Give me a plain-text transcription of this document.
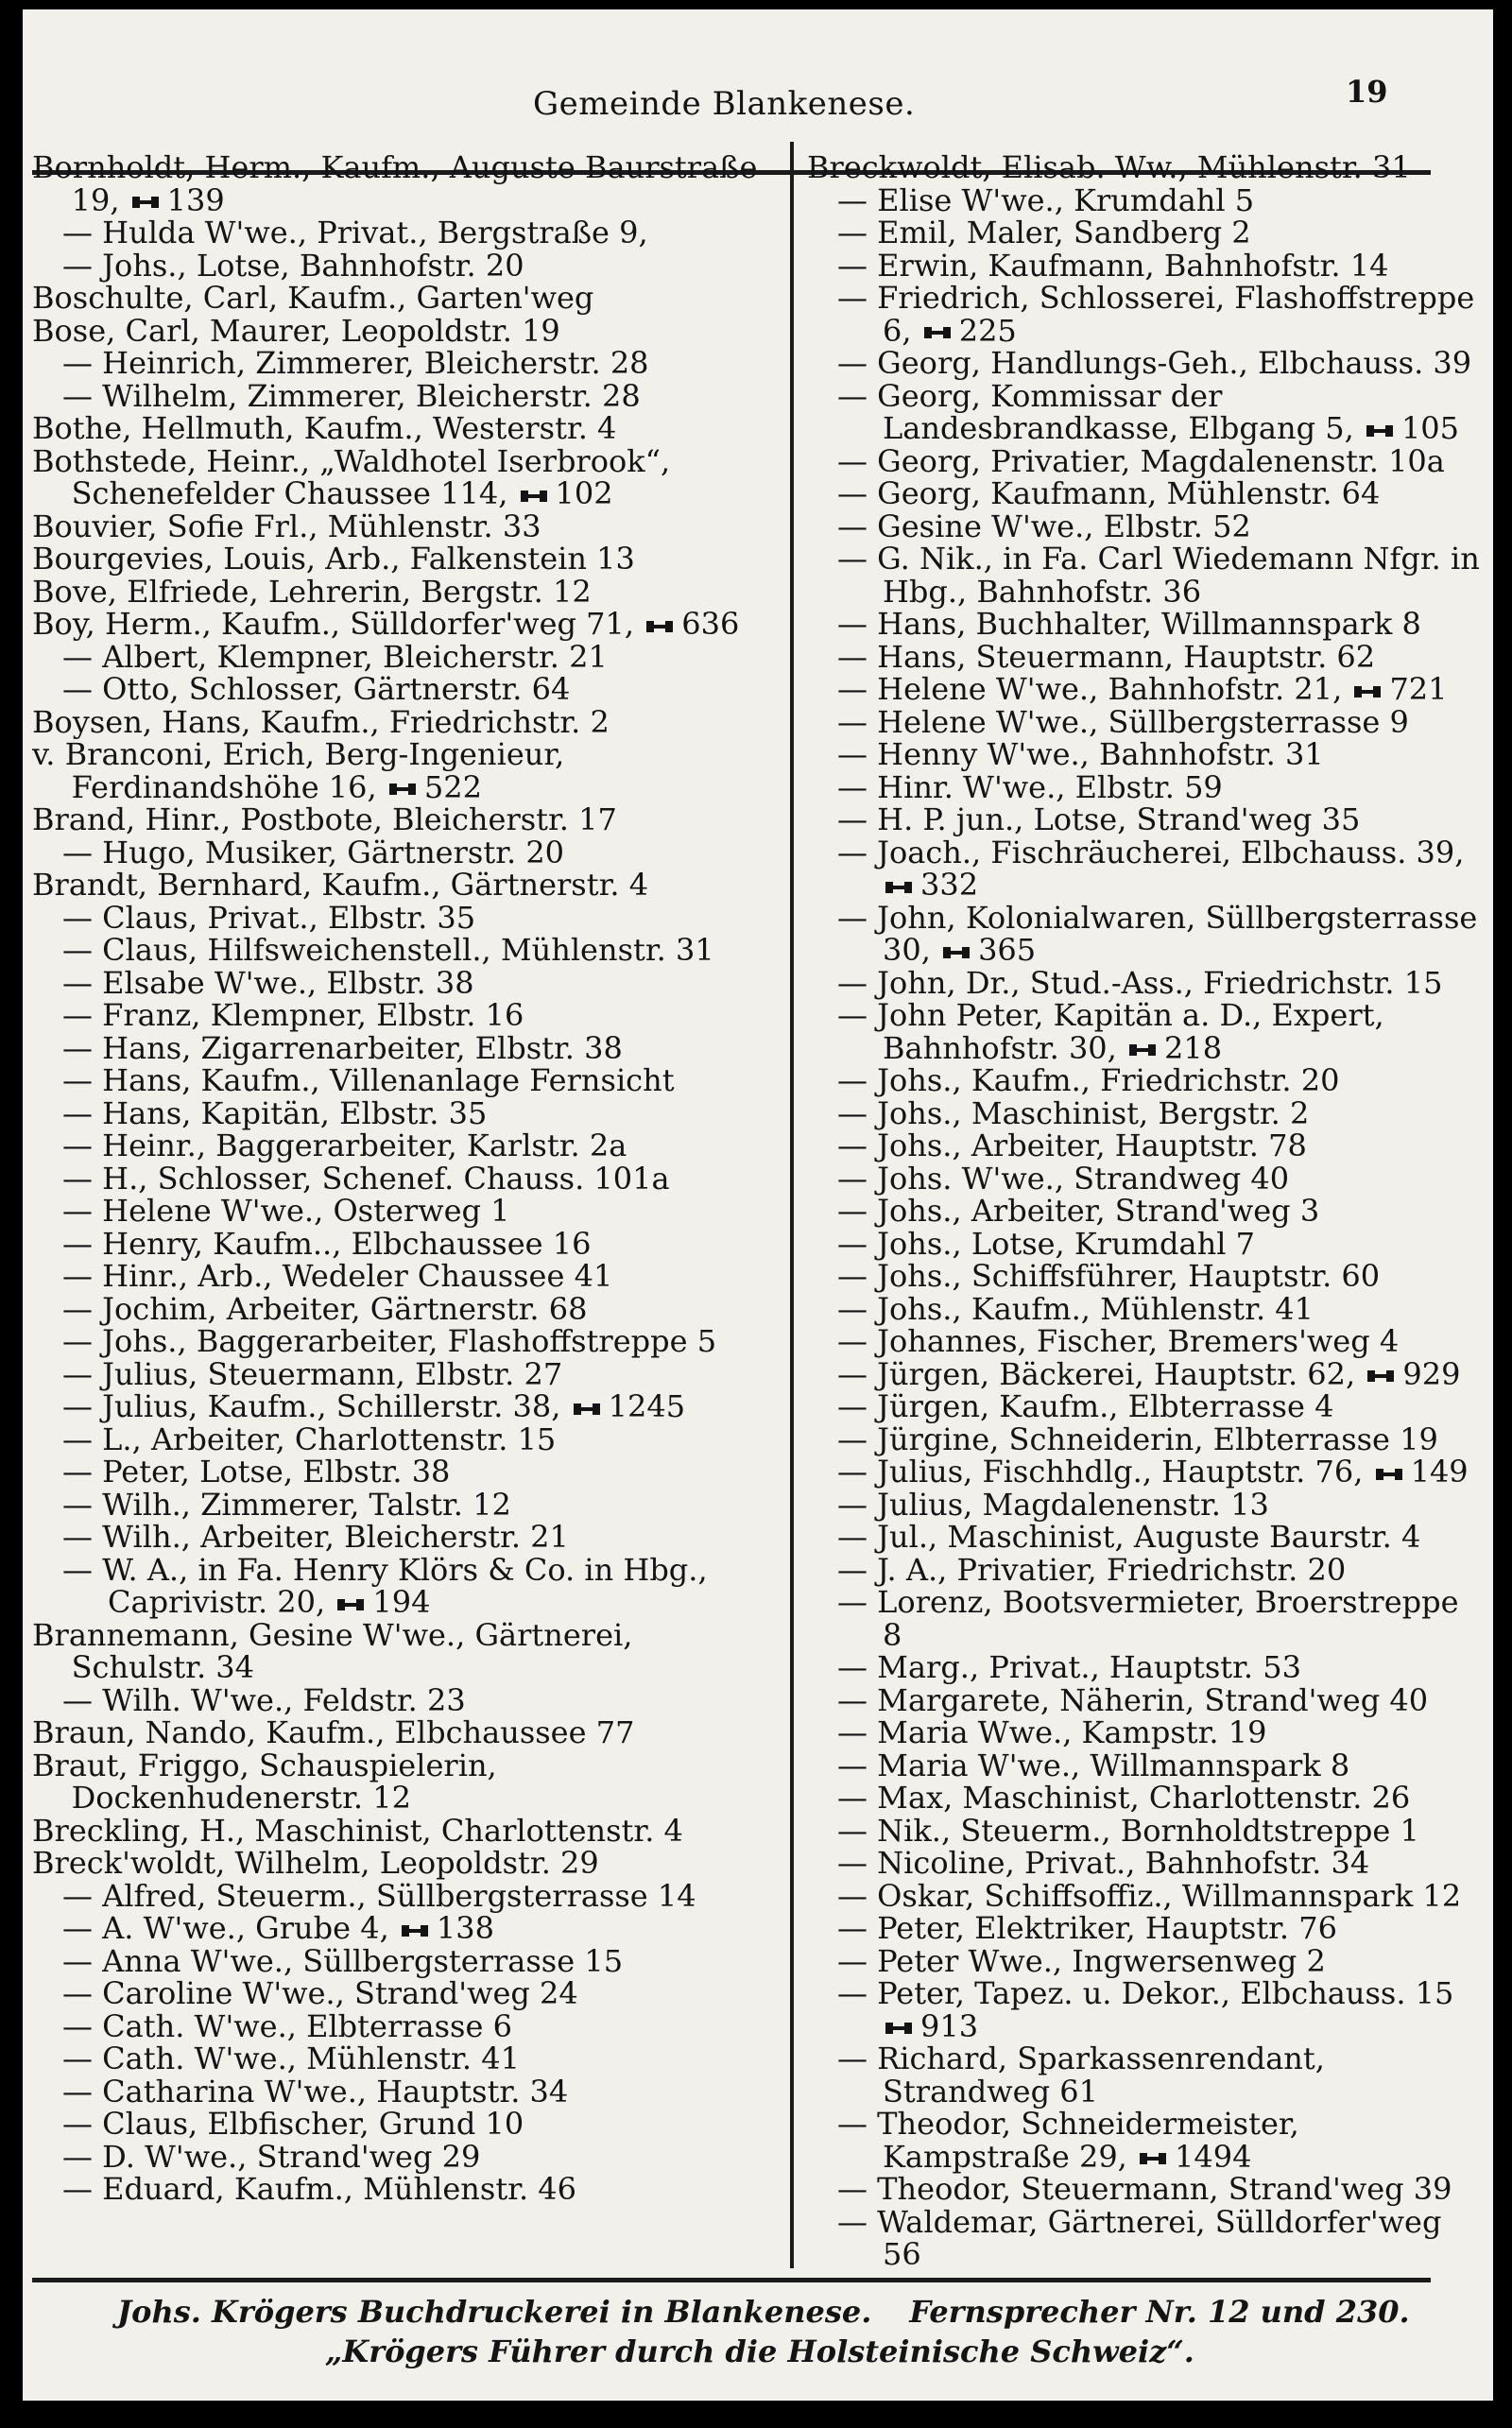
Gemeinde Blankenese.	19
Bornholdt, Herm., Kaufm., Auguste Baurstraße 19, 139
— Hulda W'we., Privat., Bergstraße 9,
— Johs., Lotse, Bahnhofstr. 20
Boschulte, Carl, Kaufm., Garten'weg
Bose, Carl, Maurer, Leopoldstr. 19
— Heinrich, Zimmerer, Bleicherstr. 28
— Wilhelm, Zimmerer, Bleicherstr. 28
Bothe, Hellmuth, Kaufm., Westerstr. 4
Bothstede, Heinr., „Waldhotel Iserbrook“, Schenefelder Chaussee 114, 102
Bouvier, Sofie Frl., Mühlenstr. 33
Bourgevies, Louis, Arb., Falkenstein 13
Bove, Elfriede, Lehrerin, Bergstr. 12
Boy, Herm., Kaufm., Sülldorfer'weg 71, 636
— Albert, Klempner, Bleicherstr. 21
— Otto, Schlosser, Gärtnerstr. 64
Boysen, Hans, Kaufm., Friedrichstr. 2
v. Branconi, Erich, Berg-Ingenieur, Ferdinandshöhe 16, 522
Brand, Hinr., Postbote, Bleicherstr. 17
— Hugo, Musiker, Gärtnerstr. 20
Brandt, Bernhard, Kaufm., Gärtnerstr. 4
— Claus, Privat., Elbstr. 35
— Claus, Hilfsweichenstell., Mühlenstr. 31
— Elsabe W'we., Elbstr. 38
— Franz, Klempner, Elbstr. 16
— Hans, Zigarrenarbeiter, Elbstr. 38
— Hans, Kaufm., Villenanlage Fernsicht
— Hans, Kapitän, Elbstr. 35
— Heinr., Baggerarbeiter, Karlstr. 2a
— H., Schlosser, Schenef. Chauss. 101a
— Helene W'we., Osterweg 1
— Henry, Kaufm.., Elbchaussee 16
— Hinr., Arb., Wedeler Chaussee 41
— Jochim, Arbeiter, Gärtnerstr. 68
— Johs., Baggerarbeiter, Flashoffstreppe 5
— Julius, Steuermann, Elbstr. 27
— Julius, Kaufm., Schillerstr. 38, 1245
— L., Arbeiter, Charlottenstr. 15
— Peter, Lotse, Elbstr. 38
— Wilh., Zimmerer, Talstr. 12
— Wilh., Arbeiter, Bleicherstr. 21
— W. A., in Fa. Henry Klörs & Co. in Hbg., Caprivistr. 20, 194
Brannemann, Gesine W'we., Gärtnerei, Schulstr. 34
— Wilh. W'we., Feldstr. 23
Braun, Nando, Kaufm., Elbchaussee 77
Braut, Friggo, Schauspielerin, Dockenhudenerstr. 12
Breckling, H., Maschinist, Charlottenstr. 4
Breck'woldt, Wilhelm, Leopoldstr. 29
— Alfred, Steuerm., Süllbergsterrasse 14
— A. W'we., Grube 4, 138
— Anna W'we., Süllbergsterrasse 15
— Caroline W'we., Strand'weg 24
— Cath. W'we., Elbterrasse 6
— Cath. W'we., Mühlenstr. 41
— Catharina W'we., Hauptstr. 34
— Claus, Elbfischer, Grund 10
— D. W'we., Strand'weg 29
— Eduard, Kaufm., Mühlenstr. 46
Breckwoldt, Elisab. Ww., Mühlenstr. 31
— Elise W'we., Krumdahl 5
— Emil, Maler, Sandberg 2
— Erwin, Kaufmann, Bahnhofstr. 14
— Friedrich, Schlosserei, Flashoffstreppe 6, 225
— Georg, Handlungs-Geh., Elbchauss. 39
— Georg, Kommissar der Landesbrandkasse, Elbgang 5, 105
— Georg, Privatier, Magdalenenstr. 10a
— Georg, Kaufmann, Mühlenstr. 64
— Gesine W'we., Elbstr. 52
— G. Nik., in Fa. Carl Wiedemann Nfgr. in Hbg., Bahnhofstr. 36
— Hans, Buchhalter, Willmannspark 8
— Hans, Steuermann, Hauptstr. 62
— Helene W'we., Bahnhofstr. 21, 721
— Helene W'we., Süllbergsterrasse 9
— Henny W'we., Bahnhofstr. 31
— Hinr. W'we., Elbstr. 59
— H. P. jun., Lotse, Strand'weg 35
— Joach., Fischräucherei, Elbchauss. 39, 332
— John, Kolonialwaren, Süllbergsterrasse 30, 365
— John, Dr., Stud.-Ass., Friedrichstr. 15
— John Peter, Kapitän a. D., Expert, Bahnhofstr. 30, 218
— Johs., Kaufm., Friedrichstr. 20
— Johs., Maschinist, Bergstr. 2
— Johs., Arbeiter, Hauptstr. 78
— Johs. W'we., Strandweg 40
— Johs., Arbeiter, Strand'weg 3
— Johs., Lotse, Krumdahl 7
— Johs., Schiffsführer, Hauptstr. 60
— Johs., Kaufm., Mühlenstr. 41
— Johannes, Fischer, Bremers'weg 4
— Jürgen, Bäckerei, Hauptstr. 62, 929
— Jürgen, Kaufm., Elbterrasse 4
— Jürgine, Schneiderin, Elbterrasse 19
— Julius, Fischhdlg., Hauptstr. 76, 149
— Julius, Magdalenenstr. 13
— Jul., Maschinist, Auguste Baurstr. 4
— J. A., Privatier, Friedrichstr. 20
— Lorenz, Bootsvermieter, Broerstreppe 8
— Marg., Privat., Hauptstr. 53
— Margarete, Näherin, Strand'weg 40
— Maria Wwe., Kampstr. 19
— Maria W'we., Willmannspark 8
— Max, Maschinist, Charlottenstr. 26
— Nik., Steuerm., Bornholdtstreppe 1
— Nicoline, Privat., Bahnhofstr. 34
— Oskar, Schiffsoffiz., Willmannspark 12
— Peter, Elektriker, Hauptstr. 76
— Peter Wwe., Ingwersenweg 2
— Peter, Tapez. u. Dekor., Elbchauss. 15 913
— Richard, Sparkassenrendant, Strandweg 61
— Theodor, Schneidermeister, Kampstraße 29, 1494
— Theodor, Steuermann, Strand'weg 39
— Waldemar, Gärtnerei, Sülldorfer'weg 56
Johs. Krögers Buchdruckerei in Blankenese. Fernsprecher Nr. 12 und 230.
„Krögers Führer durch die Holsteinische Schweiz“.
